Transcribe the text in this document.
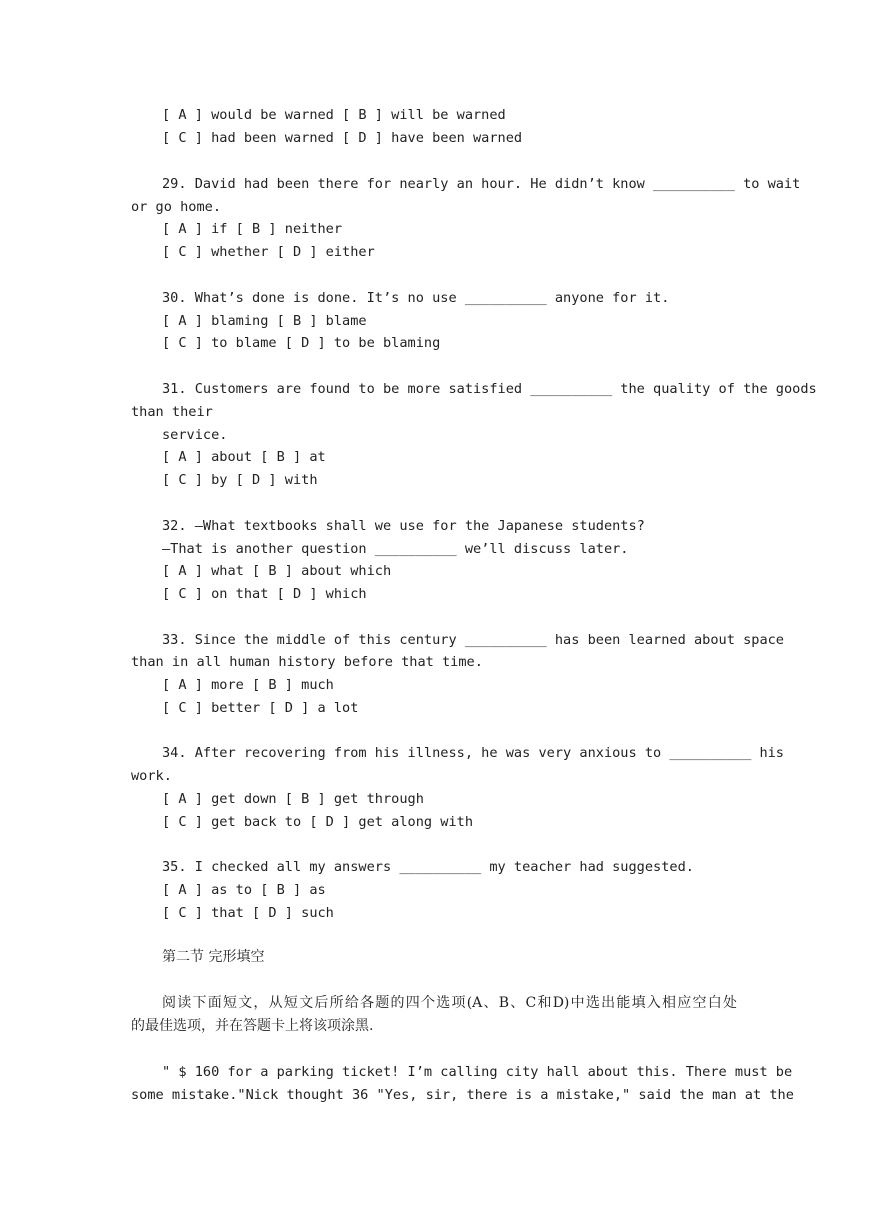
[ A ] would be warned [ B ] will be warned
[ C ] had been warned [ D ] have been warned
29. David had been there for nearly an hour. He didn’t know __________ to wait
or go home.
[ A ] if [ B ] neither
[ C ] whether [ D ] either
30. What’s done is done. It’s no use __________ anyone for it.
[ A ] blaming [ B ] blame
[ C ] to blame [ D ] to be blaming
31. Customers are found to be more satisfied __________ the quality of the goods
than their
service.
[ A ] about [ B ] at
[ C ] by [ D ] with
32. —What textbooks shall we use for the Japanese students?
—That is another question __________ we’ll discuss later.
[ A ] what [ B ] about which
[ C ] on that [ D ] which
33. Since the middle of this century __________ has been learned about space
than in all human history before that time.
[ A ] more [ B ] much
[ C ] better [ D ] a lot
34. After recovering from his illness, he was very anxious to __________ his
work.
[ A ] get down [ B ] get through
[ C ] get back to [ D ] get along with
35. I checked all my answers __________ my teacher had suggested.
[ A ] as to [ B ] as
[ C ] that [ D ] such
第二节 完形填空
阅读下面短文，从短文后所给各题的四个选项(A、B、C和D)中选出能填入相应空白处
的最佳选项，并在答题卡上将该项涂黑.
" $ 160 for a parking ticket! I’m calling city hall about this. There must be
some mistake."Nick thought 36 "Yes, sir, there is a mistake," said the man at the
